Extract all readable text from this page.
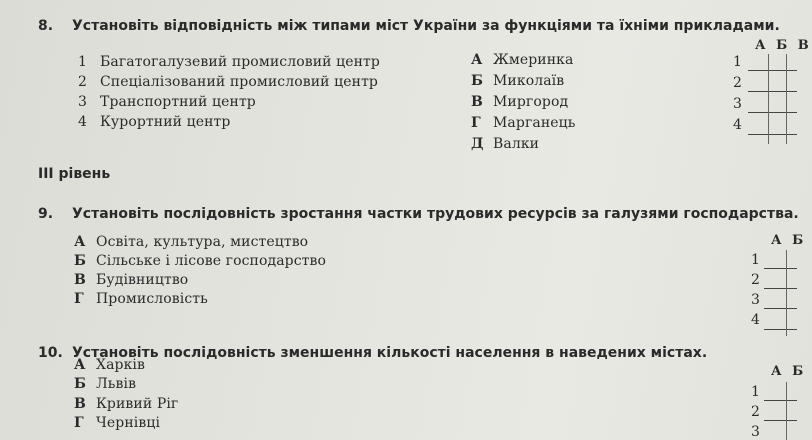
8. Установіть відповідність між типами міст України за функціями та їхніми прикладами.
1 Багатогалузевий промисловий центр
2 Спеціалізований промисловий центр
3 Транспортний центр
4 Курортний центр
А Жмеринка
Б Миколаїв
В Миргород
Г Марганець
Д Валки
А Б В
1
2
3
4
ІІІ рівень
9. Установіть послідовність зростання частки трудових ресурсів за галузями господарства.
А Освіта, культура, мистецтво
Б Сільське і лісове господарство
В Будівництво
Г Промисловість
А Б
1
2
3
4
10. Установіть послідовність зменшення кількості населення в наведених містах.
А Харків
Б Львів
В Кривий Ріг
Г Чернівці
А Б
1
2
3
